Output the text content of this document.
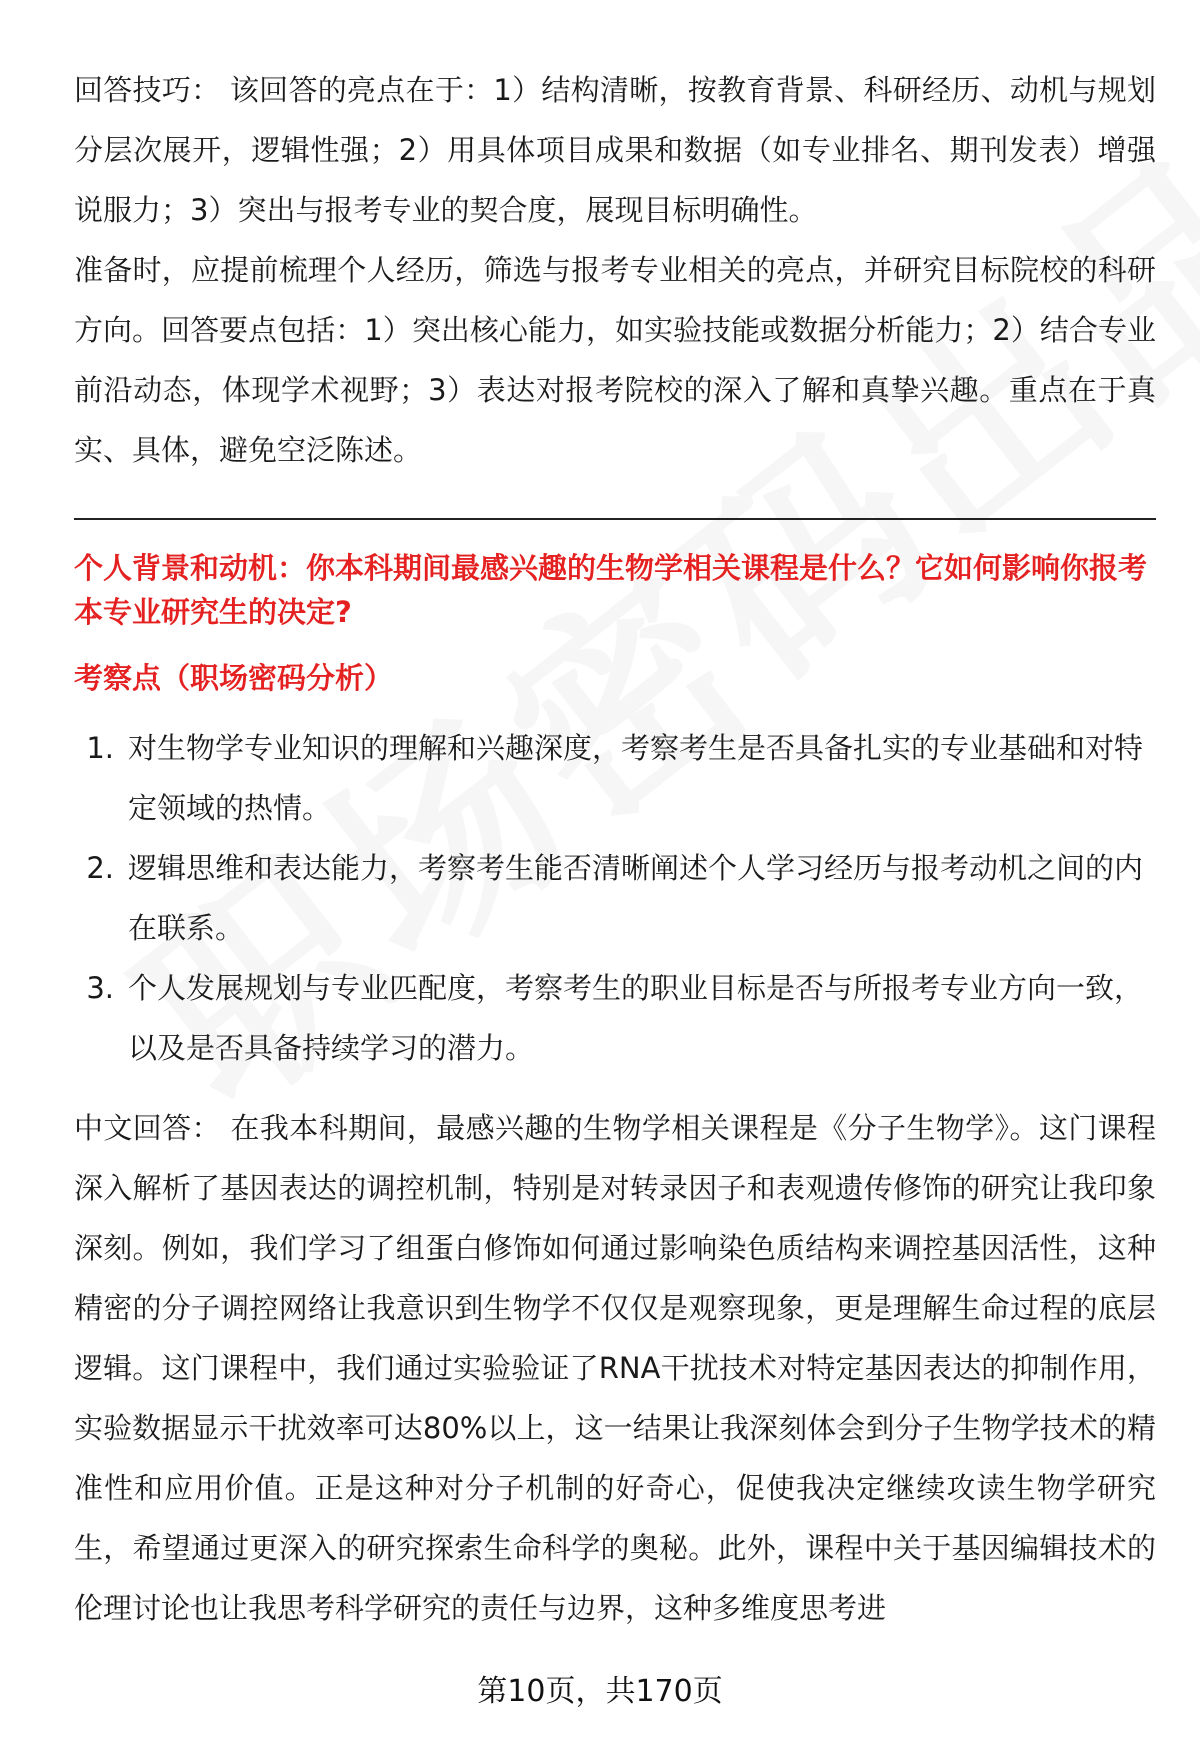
回答技巧： 该回答的亮点在于：1）结构清晰，按教育背景、科研经历、动机与规划分层次展开，逻辑性强；2）用具体项目成果和数据（如专业排名、期刊发表）增强说服力；3）突出与报考专业的契合度，展现目标明确性。

准备时，应提前梳理个人经历，筛选与报考专业相关的亮点，并研究目标院校的科研方向。回答要点包括：1）突出核心能力，如实验技能或数据分析能力；2）结合专业前沿动态，体现学术视野；3）表达对报考院校的深入了解和真挚兴趣。重点在于真实、具体，避免空泛陈述。

个人背景和动机：你本科期间最感兴趣的生物学相关课程是什么？它如何影响你报考本专业研究生的决定?

考察点（职场密码分析）

1. 对生物学专业知识的理解和兴趣深度，考察考生是否具备扎实的专业基础和对特定领域的热情。
2. 逻辑思维和表达能力，考察考生能否清晰阐述个人学习经历与报考动机之间的内在联系。
3. 个人发展规划与专业匹配度，考察考生的职业目标是否与所报考专业方向一致，以及是否具备持续学习的潜力。

中文回答： 在我本科期间，最感兴趣的生物学相关课程是《分子生物学》。这门课程深入解析了基因表达的调控机制，特别是对转录因子和表观遗传修饰的研究让我印象深刻。例如，我们学习了组蛋白修饰如何通过影响染色质结构来调控基因活性，这种精密的分子调控网络让我意识到生物学不仅仅是观察现象，更是理解生命过程的底层逻辑。这门课程中，我们通过实验验证了RNA干扰技术对特定基因表达的抑制作用，实验数据显示干扰效率可达80%以上，这一结果让我深刻体会到分子生物学技术的精准性和应用价值。正是这种对分子机制的好奇心，促使我决定继续攻读生物学研究生，希望通过更深入的研究探索生命科学的奥秘。此外，课程中关于基因编辑技术的伦理讨论也让我思考科学研究的责任与边界，这种多维度思考进

第10页，共170页
